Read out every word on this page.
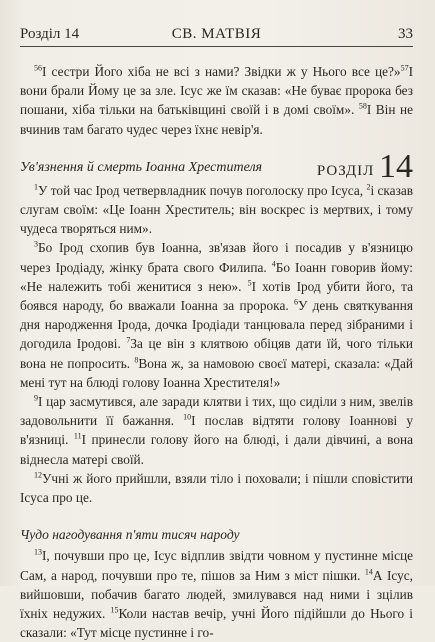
Розділ 14	СВ. МАТВІЯ	33

$^{56}$І сестри Його хіба не всі з нами? Звідки ж у Нього все це?»$^{57}$І вони брали Йому це за зле. Ісус же їм сказав: «Не буває пророка без пошани, хіба тільки на батьківщині своїй і в домі своїм». $^{58}$І Він не вчинив там багато чудес через їхнє невір'я.

Ув'язнення й смерть Іоанна Хрестителя	РОЗДІЛ 14

$^1$У той час Ірод четвервладник почув поголоску про Ісуса, $^2$і сказав слугам своїм: «Це Іоанн Хреститель; він воскрес із мертвих, і тому чудеса творяться ним».

$^3$Бо Ірод схопив був Іоанна, зв'язав його і посадив у в'язницю через Іродіаду, жінку брата свого Филипа. $^4$Бо Іоанн говорив йому: «Не належить тобі женитися з нею». $^5$І хотів Ірод убити його, та боявся народу, бо вважали Іоанна за пророка. $^6$У день святкування дня народження Ірода, дочка Іродіади танцювала перед зібраними і догодила Іродові. $^7$За це він з клятвою обіцяв дати їй, чого тільки вона не попросить. $^8$Вона ж, за намовою своєї матері, сказала: «Дай мені тут на блюді голову Іоанна Хрестителя!»

$^9$І цар засмутився, але заради клятви і тих, що сиділи з ним, звелів задовольнити її бажання. $^{10}$І послав відтяти голову Іоаннові у в'язниці. $^{11}$І принесли голову його на блюді, і дали дівчині, а вона віднесла матері своїй.

$^{12}$Учні ж його прийшли, взяли тіло і поховали; і пішли сповістити Ісуса про це.

Чудо нагодування п'яти тисяч народу

$^{13}$І, почувши про це, Ісус відплив звідти човном у пустинне місце Сам, а народ, почувши про те, пішов за Ним з міст пішки. $^{14}$А Ісус, вийшовши, побачив багато людей, змилувався над ними і зцілив їхніх недужих. $^{15}$Коли настав вечір, учні Його підійшли до Нього і сказали: «Тут місце пустинне і го-
